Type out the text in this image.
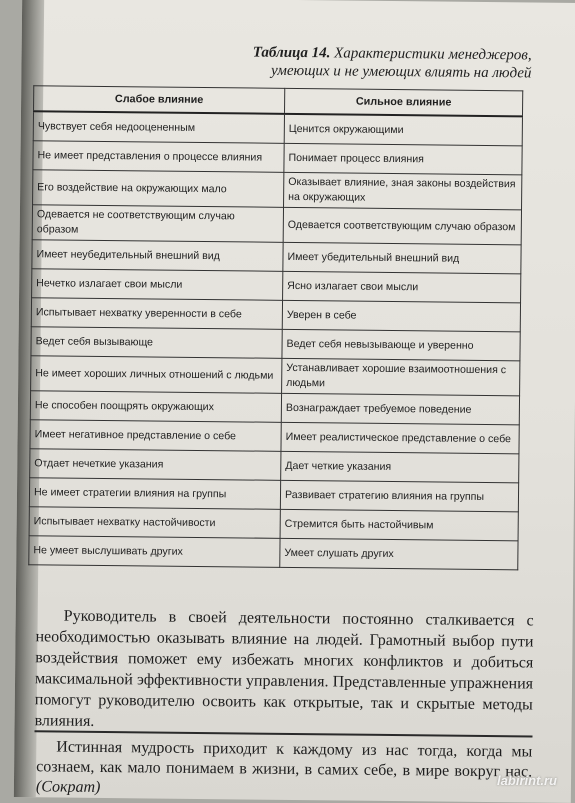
Таблица 14. Характеристики менеджеров,
умеющих и не умеющих влиять на людей
Слабое влияние	Сильное влияние
Чувствует себя недооцененным	Ценится окружающими
Не имеет представления о процессе влияния	Понимает процесс влияния
Его воздействие на окружающих мало	Оказывает влияние, зная законы воздействия на окружающих
Одевается не соответствующим случаю образом	Одевается соответствующим случаю образом
Имеет неубедительный внешний вид	Имеет убедительный внешний вид
Нечетко излагает свои мысли	Ясно излагает свои мысли
Испытывает нехватку уверенности в себе	Уверен в себе
Ведет себя вызывающе	Ведет себя невызывающе и уверенно
Не имеет хороших личных отношений с людьми	Устанавливает хорошие взаимоотношения с людьми
Не способен поощрять окружающих	Вознаграждает требуемое поведение
Имеет негативное представление о себе	Имеет реалистическое представление о себе
Отдает нечеткие указания	Дает четкие указания
Не имеет стратегии влияния на группы	Развивает стратегию влияния на группы
Испытывает нехватку настойчивости	Стремится быть настойчивым
Не умеет выслушивать других	Умеет слушать других
Руководитель в своей деятельности постоянно сталкивается с необходимостью оказывать влияние на людей. Грамотный выбор пути воздействия поможет ему избежать многих конфликтов и добиться максимальной эффективности управления. Представленные упражнения помогут руководителю освоить как открытые, так и скрытые методы влияния.
Истинная мудрость приходит к каждому из нас тогда, когда мы сознаем, как мало понимаем в жизни, в самих себе, в мире вокруг нас. (Сократ)	labirint.ru
